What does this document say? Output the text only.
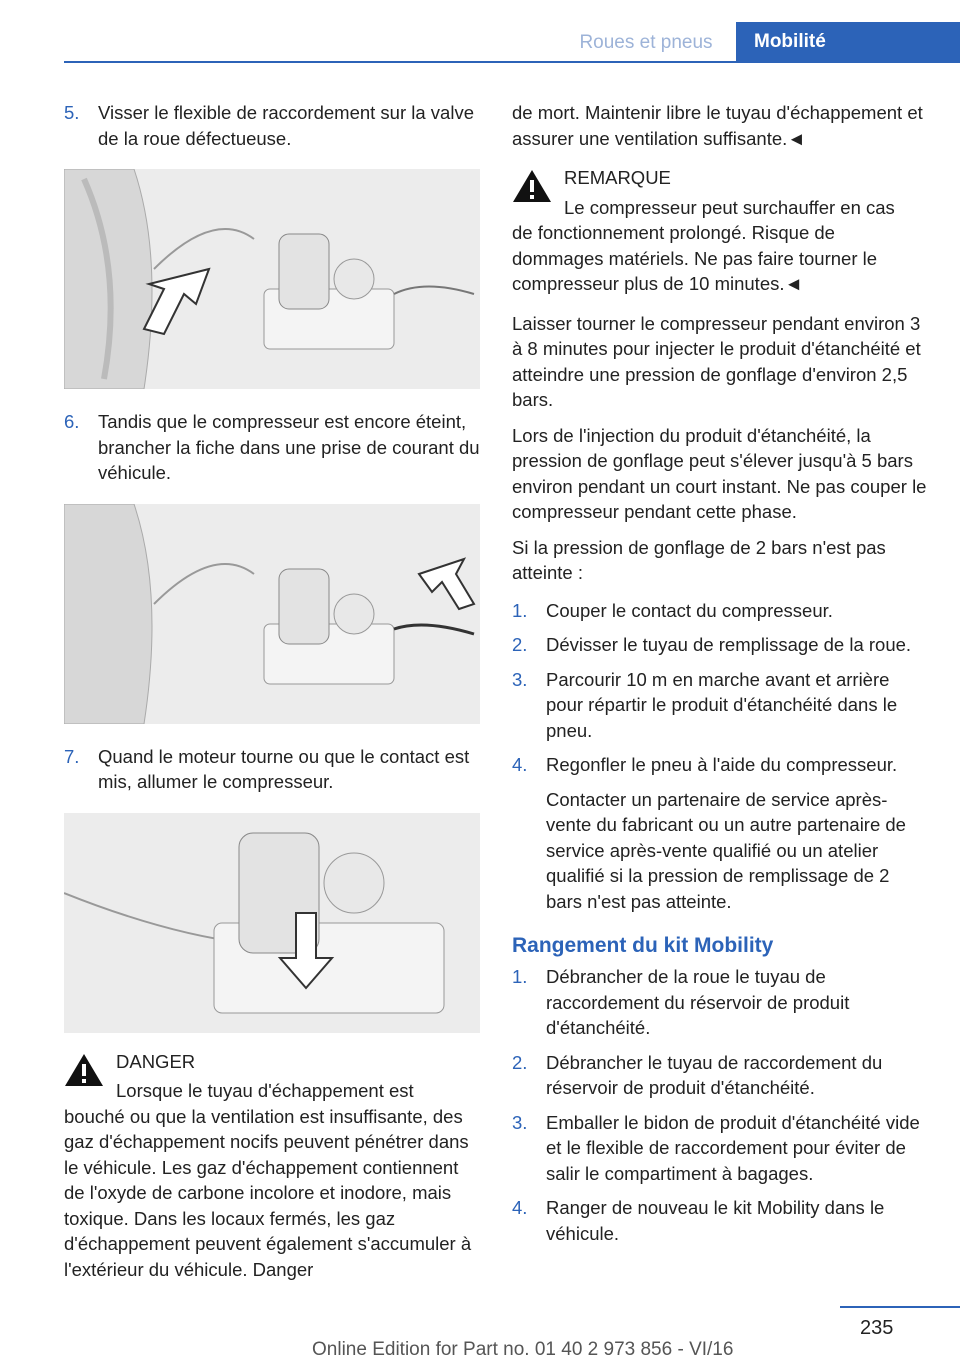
Roues et pneus	Mobilité
5.	Visser le flexible de raccordement sur la valve de la roue défectueuse.
6.	Tandis que le compresseur est encore éteint, brancher la fiche dans une prise de courant du véhicule.
7.	Quand le moteur tourne ou que le contact est mis, allumer le compresseur.
DANGER
Lorsque le tuyau d'échappement est
bouché ou que la ventilation est insuffisante, des gaz d'échappement nocifs peuvent pénétrer dans le véhicule. Les gaz d'échappement contiennent de l'oxyde de carbone incolore et inodore, mais toxique. Dans les locaux fermés, les gaz d'échappement peuvent également s'accumuler à l'extérieur du véhicule. Danger
de mort. Maintenir libre le tuyau d'échappement et assurer une ventilation suffisante.◄
REMARQUE
Le compresseur peut surchauffer en cas
de fonctionnement prolongé. Risque de dommages matériels. Ne pas faire tourner le compresseur plus de 10 minutes.◄
Laisser tourner le compresseur pendant environ 3 à 8 minutes pour injecter le produit d'étanchéité et atteindre une pression de gonflage d'environ 2,5 bars.
Lors de l'injection du produit d'étanchéité, la pression de gonflage peut s'élever jusqu'à 5 bars environ pendant un court instant. Ne pas couper le compresseur pendant cette phase.
Si la pression de gonflage de 2 bars n'est pas atteinte :
1.	Couper le contact du compresseur.
2.	Dévisser le tuyau de remplissage de la roue.
3.	Parcourir 10 m en marche avant et arrière pour répartir le produit d'étanchéité dans le pneu.
4.	Regonfler le pneu à l'aide du compresseur.
Contacter un partenaire de service après-vente du fabricant ou un autre partenaire de service après-vente qualifié ou un atelier qualifié si la pression de remplissage de 2 bars n'est pas atteinte.
Rangement du kit Mobility
1.	Débrancher de la roue le tuyau de raccordement du réservoir de produit d'étanchéité.
2.	Débrancher le tuyau de raccordement du réservoir de produit d'étanchéité.
3.	Emballer le bidon de produit d'étanchéité vide et le flexible de raccordement pour éviter de salir le compartiment à bagages.
4.	Ranger de nouveau le kit Mobility dans le véhicule.
235
Online Edition for Part no. 01 40 2 973 856 - VI/16
